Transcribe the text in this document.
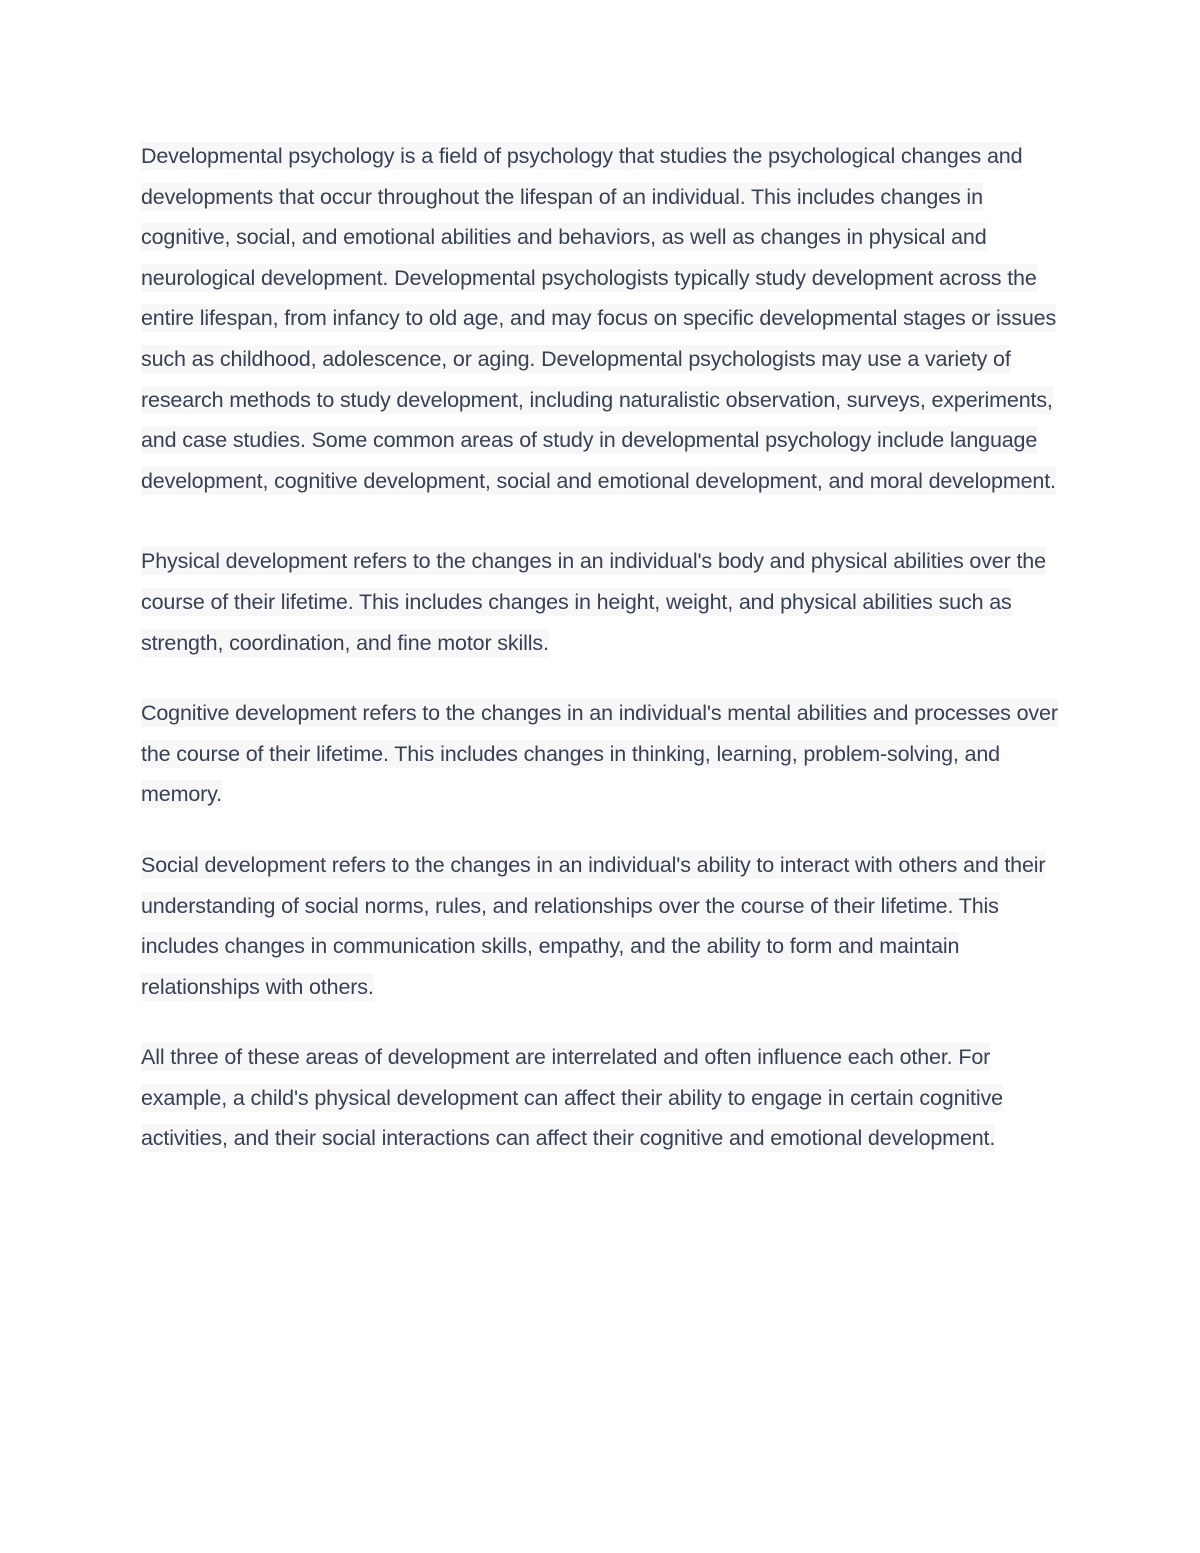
Developmental psychology is a field of psychology that studies the psychological changes and developments that occur throughout the lifespan of an individual. This includes changes in cognitive, social, and emotional abilities and behaviors, as well as changes in physical and neurological development. Developmental psychologists typically study development across the entire lifespan, from infancy to old age, and may focus on specific developmental stages or issues such as childhood, adolescence, or aging. Developmental psychologists may use a variety of research methods to study development, including naturalistic observation, surveys, experiments, and case studies. Some common areas of study in developmental psychology include language development, cognitive development, social and emotional development, and moral development.

Physical development refers to the changes in an individual's body and physical abilities over the course of their lifetime. This includes changes in height, weight, and physical abilities such as strength, coordination, and fine motor skills.

Cognitive development refers to the changes in an individual's mental abilities and processes over the course of their lifetime. This includes changes in thinking, learning, problem-solving, and memory.

Social development refers to the changes in an individual's ability to interact with others and their understanding of social norms, rules, and relationships over the course of their lifetime. This includes changes in communication skills, empathy, and the ability to form and maintain relationships with others.

All three of these areas of development are interrelated and often influence each other. For example, a child's physical development can affect their ability to engage in certain cognitive activities, and their social interactions can affect their cognitive and emotional development.
